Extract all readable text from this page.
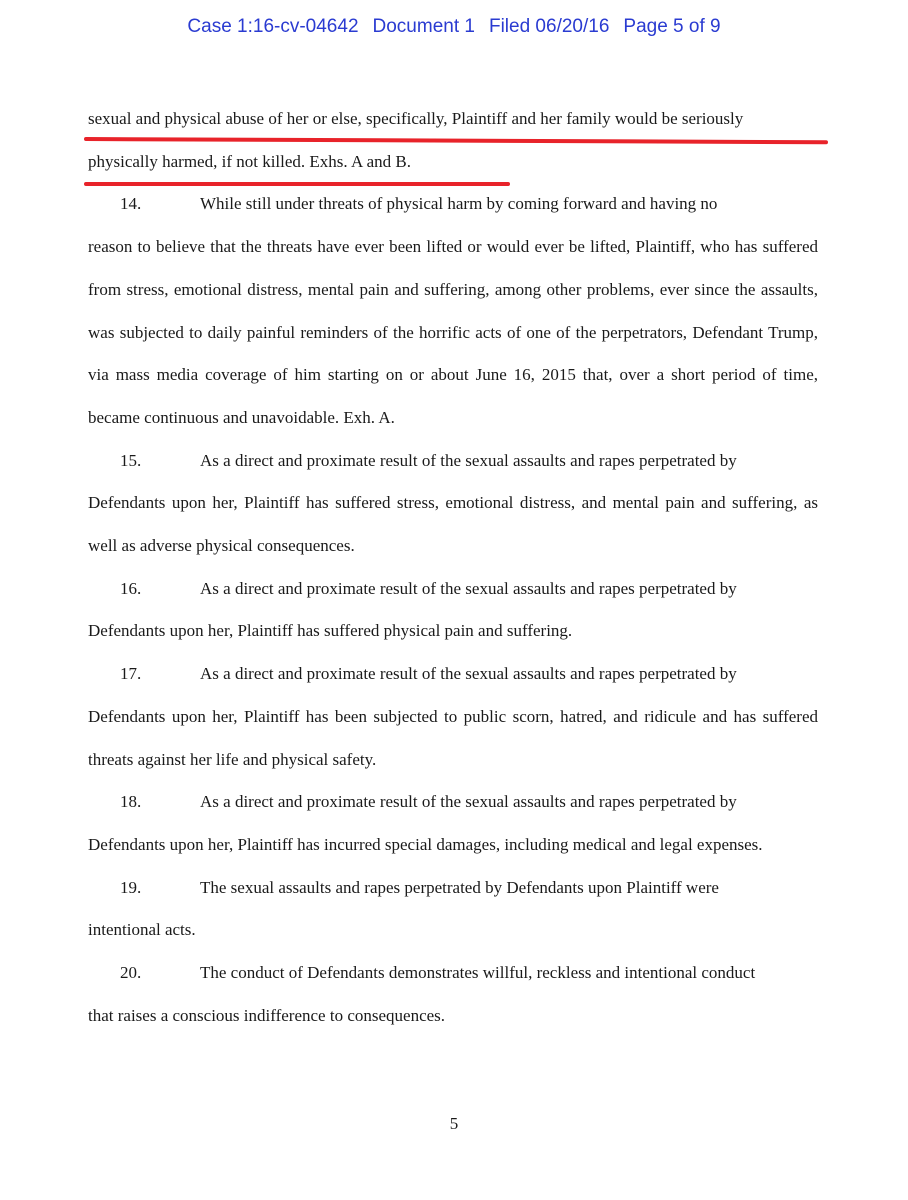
Case 1:16-cv-04642 Document 1 Filed 06/20/16 Page 5 of 9

sexual and physical abuse of her or else, specifically, Plaintiff and her family would be seriously

physically harmed, if not killed. Exhs. A and B.

14.	While still under threats of physical harm by coming forward and having no
reason to believe that the threats have ever been lifted or would ever be lifted, Plaintiff, who has suffered from stress, emotional distress, mental pain and suffering, among other problems, ever since the assaults, was subjected to daily painful reminders of the horrific acts of one of the perpetrators, Defendant Trump, via mass media coverage of him starting on or about June 16, 2015 that, over a short period of time, became continuous and unavoidable. Exh. A.

15.	As a direct and proximate result of the sexual assaults and rapes perpetrated by
Defendants upon her, Plaintiff has suffered stress, emotional distress, and mental pain and suffering, as well as adverse physical consequences.

16.	As a direct and proximate result of the sexual assaults and rapes perpetrated by
Defendants upon her, Plaintiff has suffered physical pain and suffering.

17.	As a direct and proximate result of the sexual assaults and rapes perpetrated by
Defendants upon her, Plaintiff has been subjected to public scorn, hatred, and ridicule and has suffered threats against her life and physical safety.

18.	As a direct and proximate result of the sexual assaults and rapes perpetrated by
Defendants upon her, Plaintiff has incurred special damages, including medical and legal expenses.

19.	The sexual assaults and rapes perpetrated by Defendants upon Plaintiff were
intentional acts.

20.	The conduct of Defendants demonstrates willful, reckless and intentional conduct
that raises a conscious indifference to consequences.

5
